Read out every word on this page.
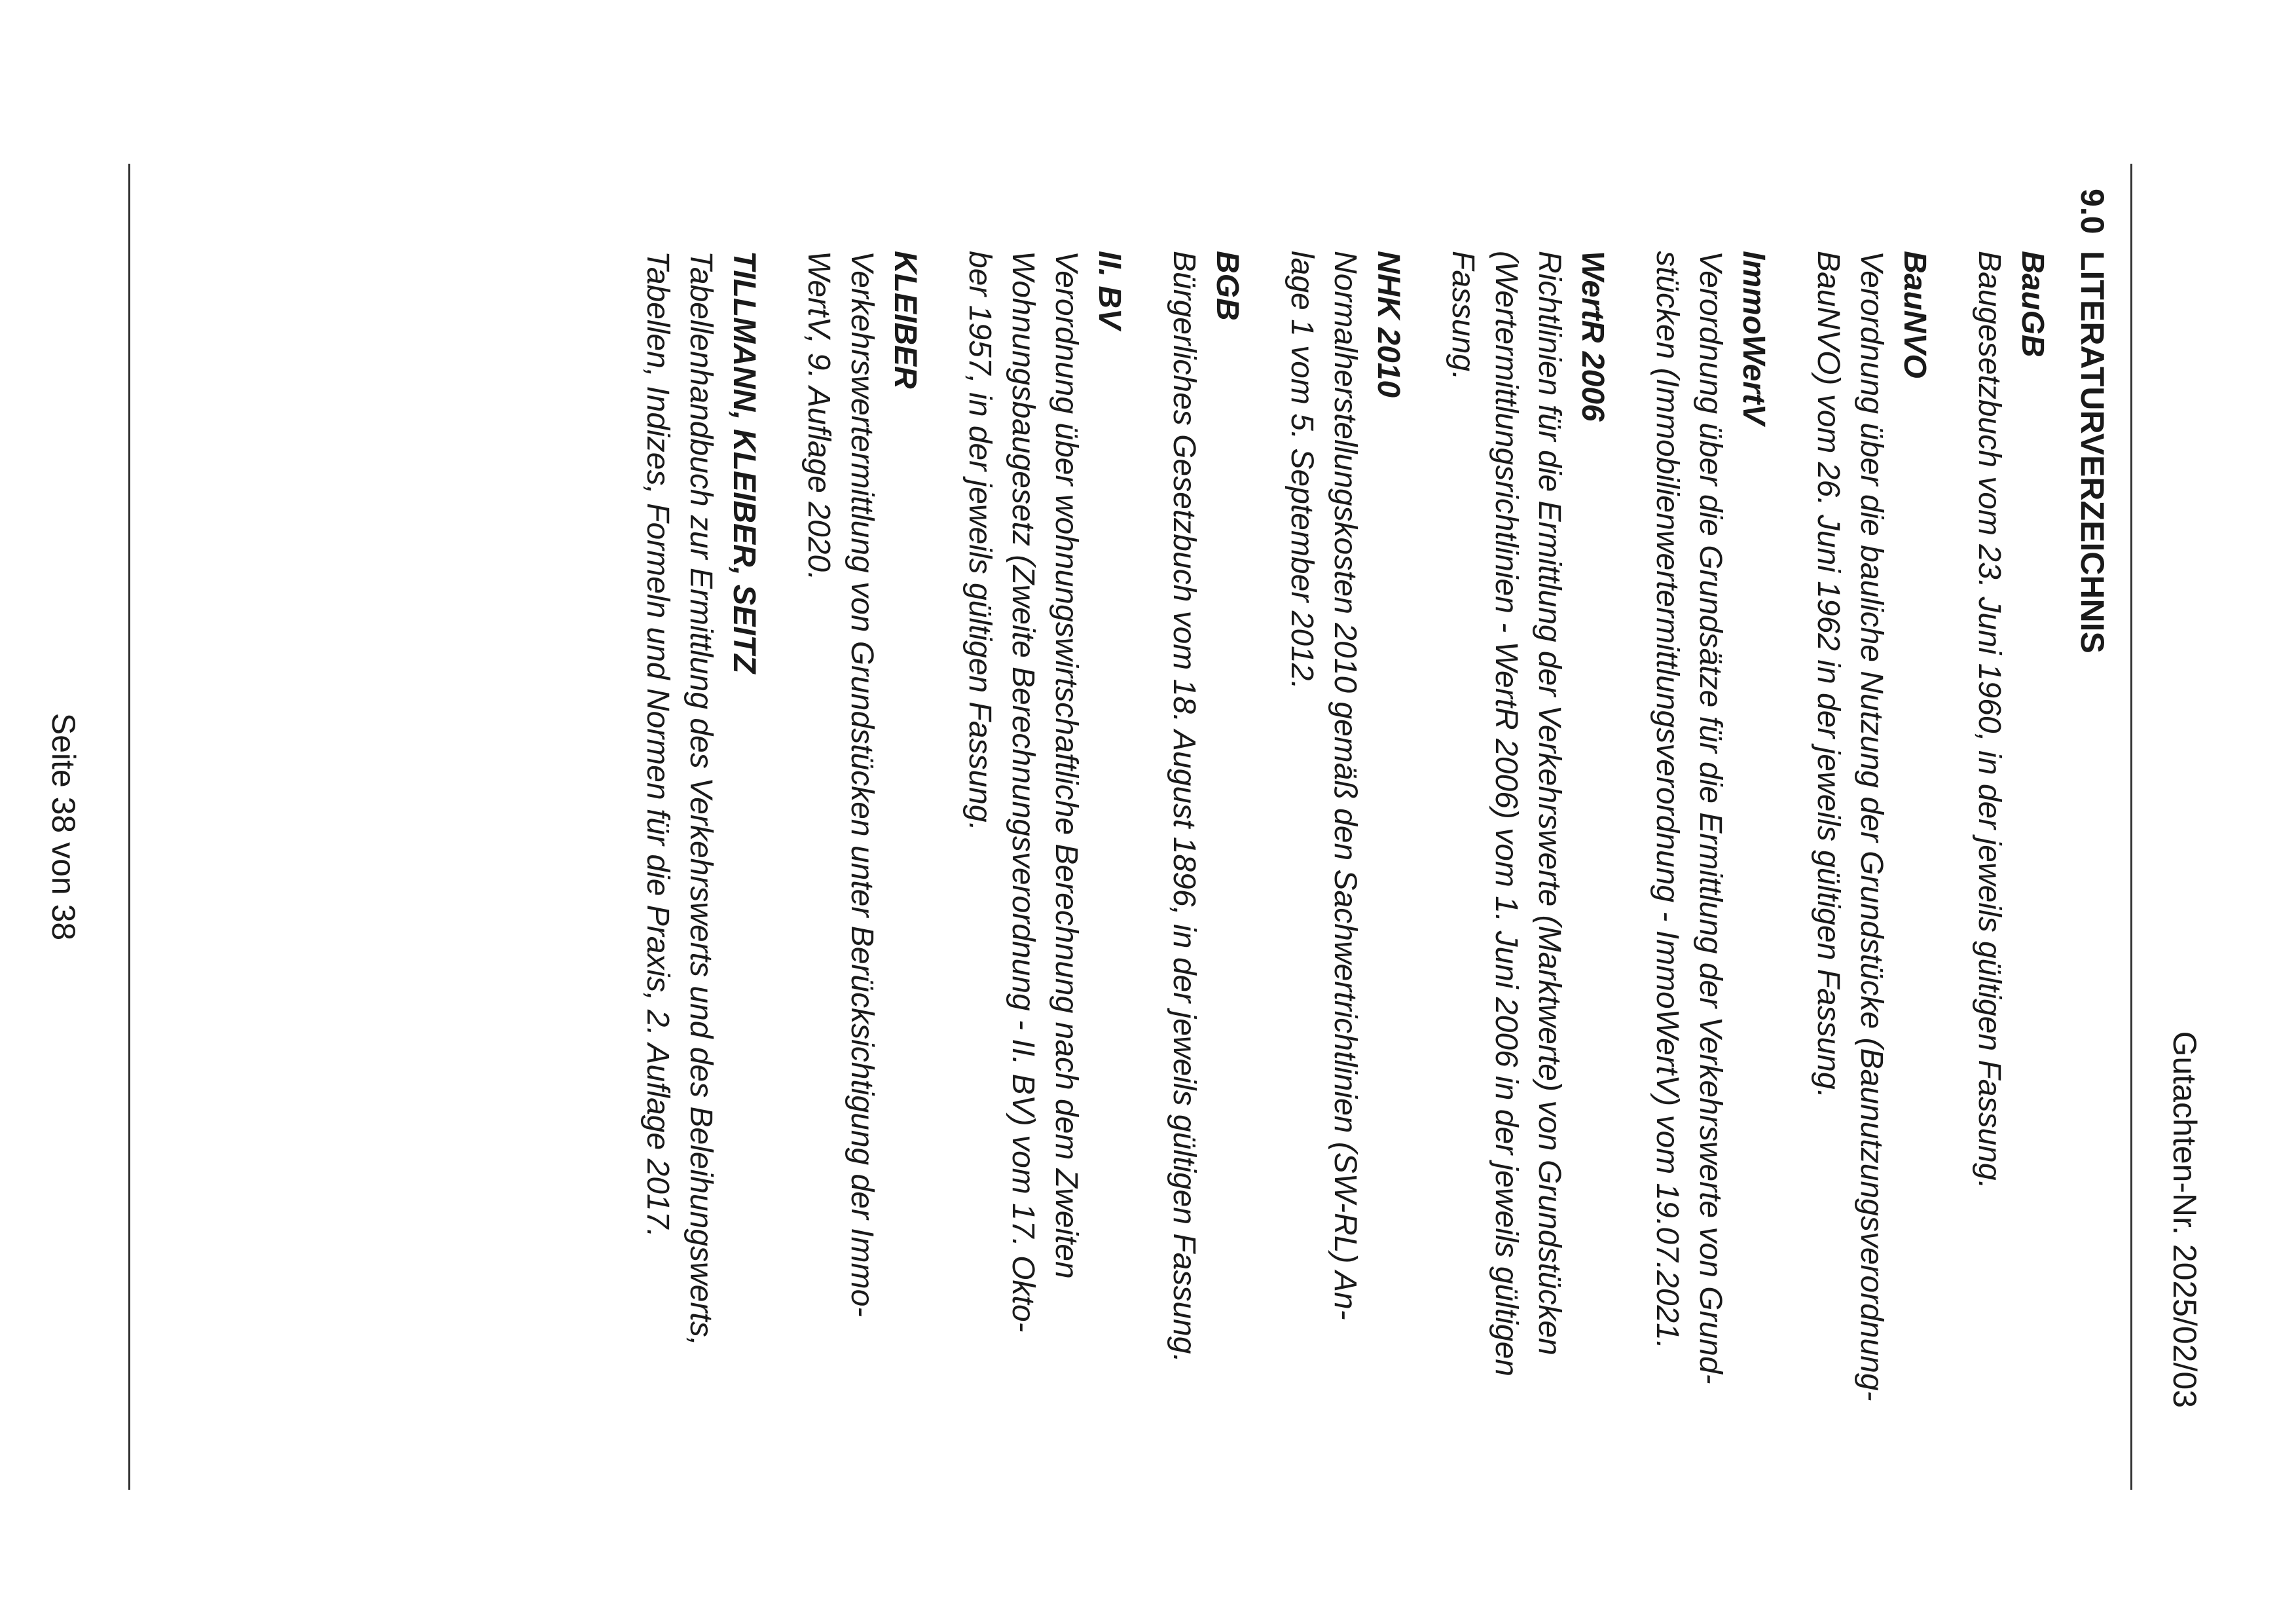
Gutachten-Nr. 2025/02/03
9.0
LITERATURVERZEICHNIS
BauGB
Baugesetzbuch vom 23. Juni 1960, in der jeweils gültigen Fassung.
BauNVO
Verordnung über die bauliche Nutzung der Grundstücke (Baunutzungsverordnung-
BauNVO) vom 26. Juni 1962 in der jeweils gültigen Fassung.
ImmoWertV
Verordnung über die Grundsätze für die Ermittlung der Verkehrswerte von Grund-
stücken (Immobilienwertermittlungsverordnung - ImmoWertV) vom 19.07.2021.
WertR 2006
Richtlinien für die Ermittlung der Verkehrswerte (Marktwerte) von Grundstücken
(Wertermittlungsrichtlinien - WertR 2006) vom 1. Juni 2006 in der jeweils gültigen
Fassung.
NHK 2010
Normalherstellungskosten 2010 gemäß den Sachwertrichtlinien (SW-RL) An-
lage 1 vom 5. September 2012.
BGB
Bürgerliches Gesetzbuch vom 18. August 1896, in der jeweils gültigen Fassung.
II. BV
Verordnung über wohnungswirtschaftliche Berechnung nach dem Zweiten
Wohnungsbaugesetz (Zweite Berechnungsverordnung - II. BV) vom 17. Okto-
ber 1957, in der jeweils gültigen Fassung.
KLEIBER
Verkehrswertermittlung von Grundstücken unter Berücksichtigung der Immo-
WertV, 9. Auflage 2020.
TILLMANN, KLEIBER, SEITZ
Tabellenhandbuch zur Ermittlung des Verkehrswerts und des Beleihungswerts,
Tabellen, Indizes, Formeln und Normen für die Praxis, 2. Auflage 2017.
Seite 38 von 38
